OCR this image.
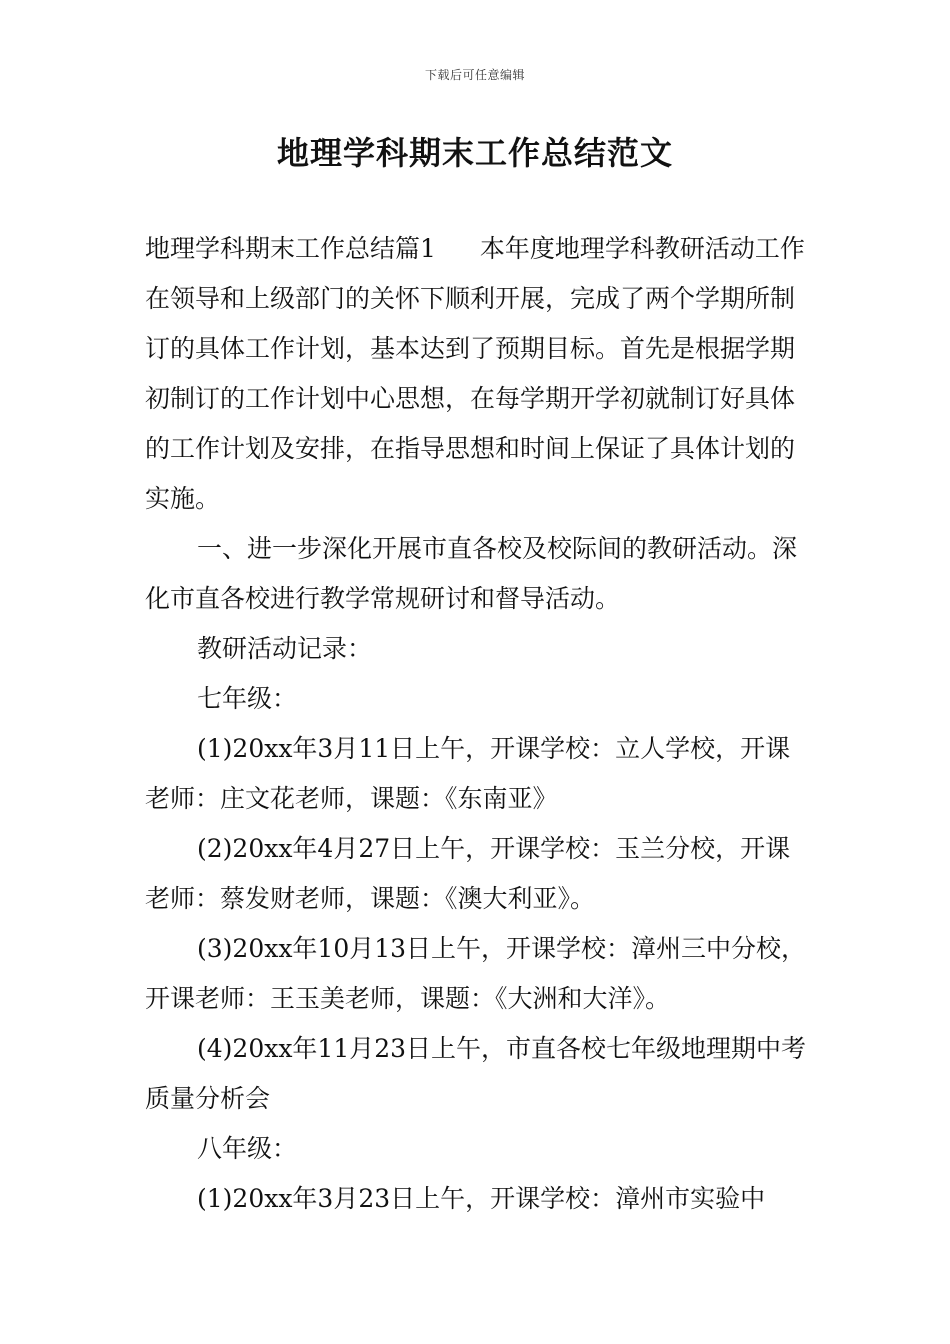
下载后可任意编辑
地理学科期末工作总结范文

地理学科期末工作总结篇1 本年度地理学科教研活动工作在领导和上级部门的关怀下顺利开展，完成了两个学期所制订的具体工作计划，基本达到了预期目标。首先是根据学期初制订的工作计划中心思想，在每学期开学初就制订好具体的工作计划及安排，在指导思想和时间上保证了具体计划的实施。

一、进一步深化开展市直各校及校际间的教研活动。深化市直各校进行教学常规研讨和督导活动。

教研活动记录：

七年级：

(1)20xx年3月11日上午，开课学校：立人学校，开课老师：庄文花老师，课题：《东南亚》

(2)20xx年4月27日上午，开课学校：玉兰分校，开课老师：蔡发财老师，课题：《澳大利亚》。

(3)20xx年10月13日上午，开课学校：漳州三中分校，开课老师：王玉美老师，课题：《大洲和大洋》。

(4)20xx年11月23日上午，市直各校七年级地理期中考质量分析会

八年级：

(1)20xx年3月23日上午，开课学校：漳州市实验中
